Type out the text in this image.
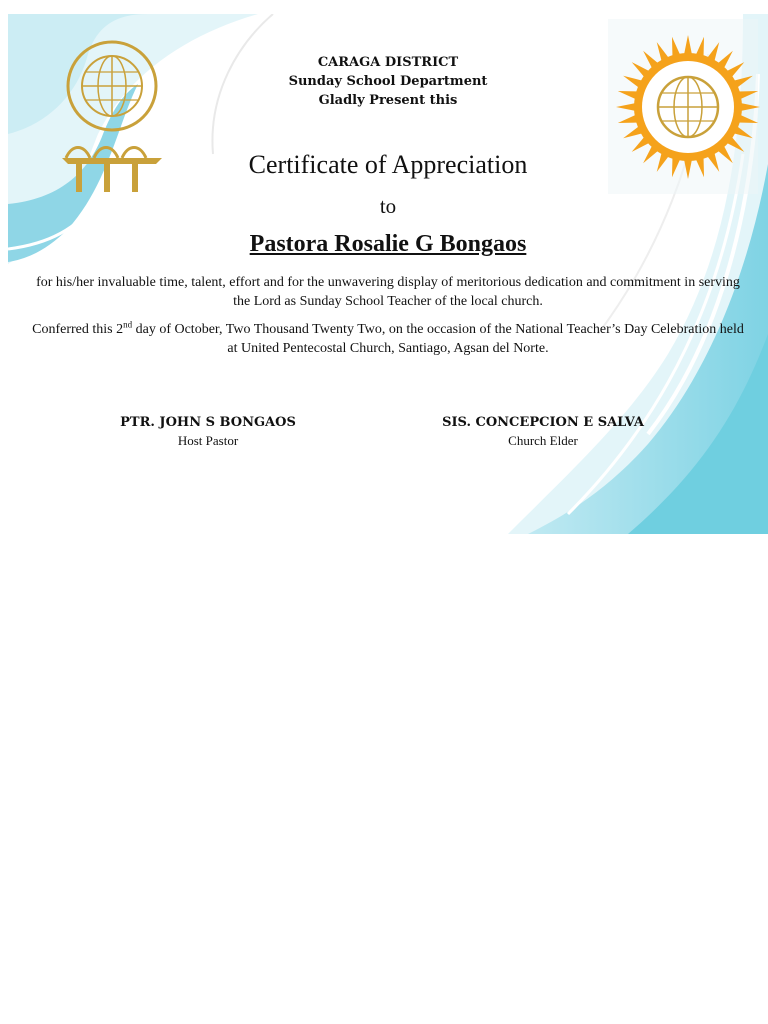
CARAGA DISTRICT
Sunday School Department
Gladly Present this
Certificate of Appreciation
to
Pastora Rosalie G Bongaos
for his/her invaluable time, talent, effort and for the unwavering display of meritorious dedication and commitment in serving the Lord as Sunday School Teacher of the local church.
Conferred this 2nd day of October, Two Thousand Twenty Two, on the occasion of the National Teacher’s Day Celebration held at United Pentecostal Church, Santiago, Agsan del Norte.
PTR. JOHN S BONGAOS
Host Pastor
SIS. CONCEPCION E SALVA
Church Elder
